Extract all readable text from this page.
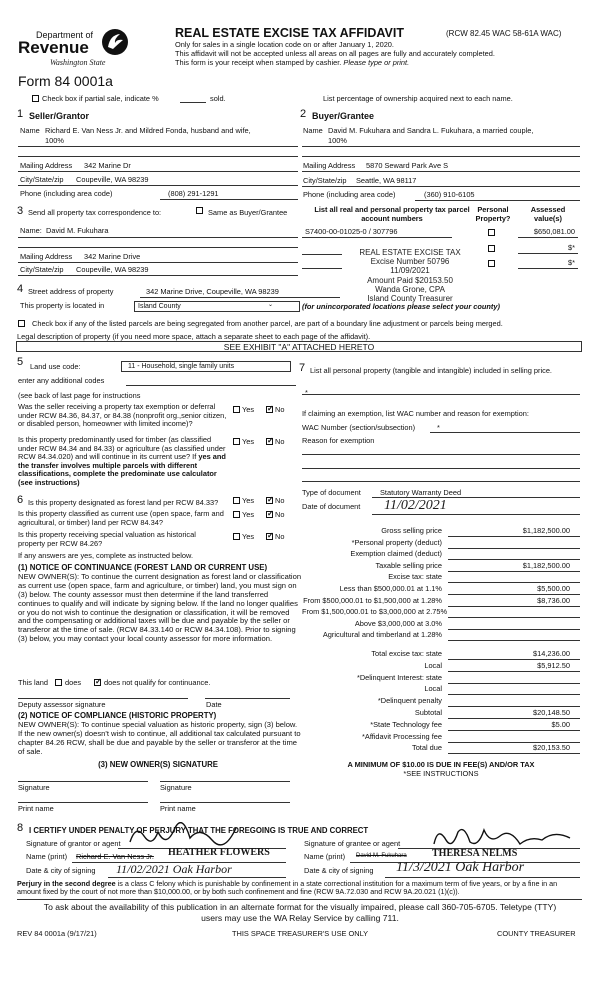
Department of
Revenue
Washington State
Form 84 0001a
REAL ESTATE EXCISE TAX AFFIDAVIT	(RCW 82.45 WAC 58-61A WAC)
Only for sales in a single location code on or after January 1, 2020.
This affidavit will not be accepted unless all areas on all pages are fully and accurately completed.
This form is your receipt when stamped by cashier. Please type or print.
Check box if partial sale, indicate %	sold.	List percentage of ownership acquired next to each name.
1 Seller/Grantor
Name Richard E. Van Ness Jr. and Mildred Fonda, husband and wife,
100%
Mailing Address 342 Marine Dr
City/State/zip Coupeville, WA 98239
Phone (including area code)	(808) 291-1291
2 Buyer/Grantee
Name David M. Fukuhara and Sandra L. Fukuhara, a married couple,
100%
Mailing Address 5870 Seward Park Ave S
City/State/zip Seattle, WA 98117
Phone (including area code)	(360) 910-6105
3 Send all property tax correspondence to:	Same as Buyer/Grantee
Name: David M. Fukuhara
Mailing Address 342 Marine Drive
City/State/zip Coupeville, WA 98239
List all real and personal property tax parcel account numbers
Personal Property?
Assessed value(s)
S7400-00-01025-0 / 307796	$650,081.00
$*
$*
REAL ESTATE EXCISE TAX
Excise Number 50796
11/09/2021
Amount Paid $20153.50
Wanda Grone, CPA
Island County Treasurer
4 Street address of property	342 Marine Drive, Coupeville, WA 98239
This property is located in	Island County	⌄	(for unincorporated locations please select your county)
Check box if any of the listed parcels are being segregated from another parcel, are part of a boundary line adjustment or parcels being merged.
Legal description of property (if you need more space, attach a separate sheet to each page of the affidavit).
SEE EXHIBIT "A" ATTACHED HERETO
5 Land use code:	11 - Household, single family units
enter any additional codes
(see back of last page for instructions
Was the seller receiving a property tax exemption or deferral under RCW 84.36, 84.37, or 84.38 (nonprofit org.,senior citizen, or disabled person, homeowner with limited income)?
Yes ✓	No
Is this property predominantly used for timber (as classified under RCW 84.34 and 84.33) or agriculture (as classified under RCW 84.34.020) and will continue in its current use? If yes and the transfer involves multiple parcels with different classifications, complete the predominate use calculator (see instructions)
Yes ✓	No
7 List all personal property (tangible and intangible) included in selling price.
*
If claiming an exemption, list WAC number and reason for exemption:
WAC Number (section/subsection)	*
Reason for exemption
6 Is this property designated as forest land per RCW 84.33?	Yes ✓	No
Is this property classified as current use (open space, farm and agricultural, or timber) land per RCW 84.34?
Yes ✓	No
Is this property receiving special valuation as historical property per RCW 84.26?
Yes ✓	No
If any answers are yes, complete as instructed below.
(1) NOTICE OF CONTINUANCE (FOREST LAND OR CURRENT USE)
NEW OWNER(S): To continue the current designation as forest land or classification as current use (open space, farm and agriculture, or timber) land, you must sign on (3) below. The county assessor must then determine if the land transferred continues to qualify and will indicate by signing below. If the land no longer qualifies or you do not wish to continue the designation or classification, it will be removed and the compensating or additional taxes will be due and payable by the seller or transferor at the time of sale. (RCW 84.33.140 or RCW 84.34.108). Prior to signing (3) below, you may contact your local county assessor for more information.
This land does ✓	does not qualify for continuance.
Deputy assessor signature	Date
(2) NOTICE OF COMPLIANCE (HISTORIC PROPERTY)
NEW OWNER(S): To continue special valuation as historic property, sign (3) below. If the new owner(s) doesn't wish to continue, all additional tax calculated pursuant to chapter 84.26 RCW, shall be due and payable by the seller or transferor at the time of sale.
(3) NEW OWNER(S) SIGNATURE
Signature	Signature
Print name	Print name
Type of document	Statutory Warranty Deed
Date of document 11/02/2021
Gross selling price	$1,182,500.00
*Personal property (deduct)
Exemption claimed (deduct)
Taxable selling price	$1,182,500.00
Excise tax: state
Less than $500,000.01 at 1.1%	$5,500.00
From $500,000.01 to $1,500,000 at 1.28%	$8,736.00
From $1,500,000.01 to $3,000,000 at 2.75%
Above $3,000,000 at 3.0%
Agricultural and timberland at 1.28%
Total excise tax: state	$14,236.00
Local	$5,912.50
*Delinquent Interest: state
Local
*Delinquent penalty
Subtotal	$20,148.50
*State Technology fee	$5.00
*Affidavit Processing fee
Total due	$20,153.50
A MINIMUM OF $10.00 IS DUE IN FEE(S) AND/OR TAX
*SEE INSTRUCTIONS
8 I CERTIFY UNDER PENALTY OF PERJURY THAT THE FOREGOING IS TRUE AND CORRECT
Signature of grantor or agent	Signature of grantee or agent
Name (print) Richard E. Van Ness Jr. HEATHER FLOWERS	Name (print) David M. Fukuhara	THERESA NELMS
Date & city of signing 11/02/2021 Oak Harbor	Date & city of signing 11/3/2021 Oak Harbor
Perjury in the second degree is a class C felony which is punishable by confinement in a state correctional institution for a maximum term of five years, or by a fine in an amount fixed by the court of not more than $10,000.00, or by both such confinement and fine (RCW 9A.72.030 and RCW 9A.20.021 (1)(c)).
To ask about the availability of this publication in an alternate format for the visually impaired, please call 360-705-6705. Teletype (TTY) users may use the WA Relay Service by calling 711.
REV 84 0001a (9/17/21)	THIS SPACE TREASURER'S USE ONLY	COUNTY TREASURER
